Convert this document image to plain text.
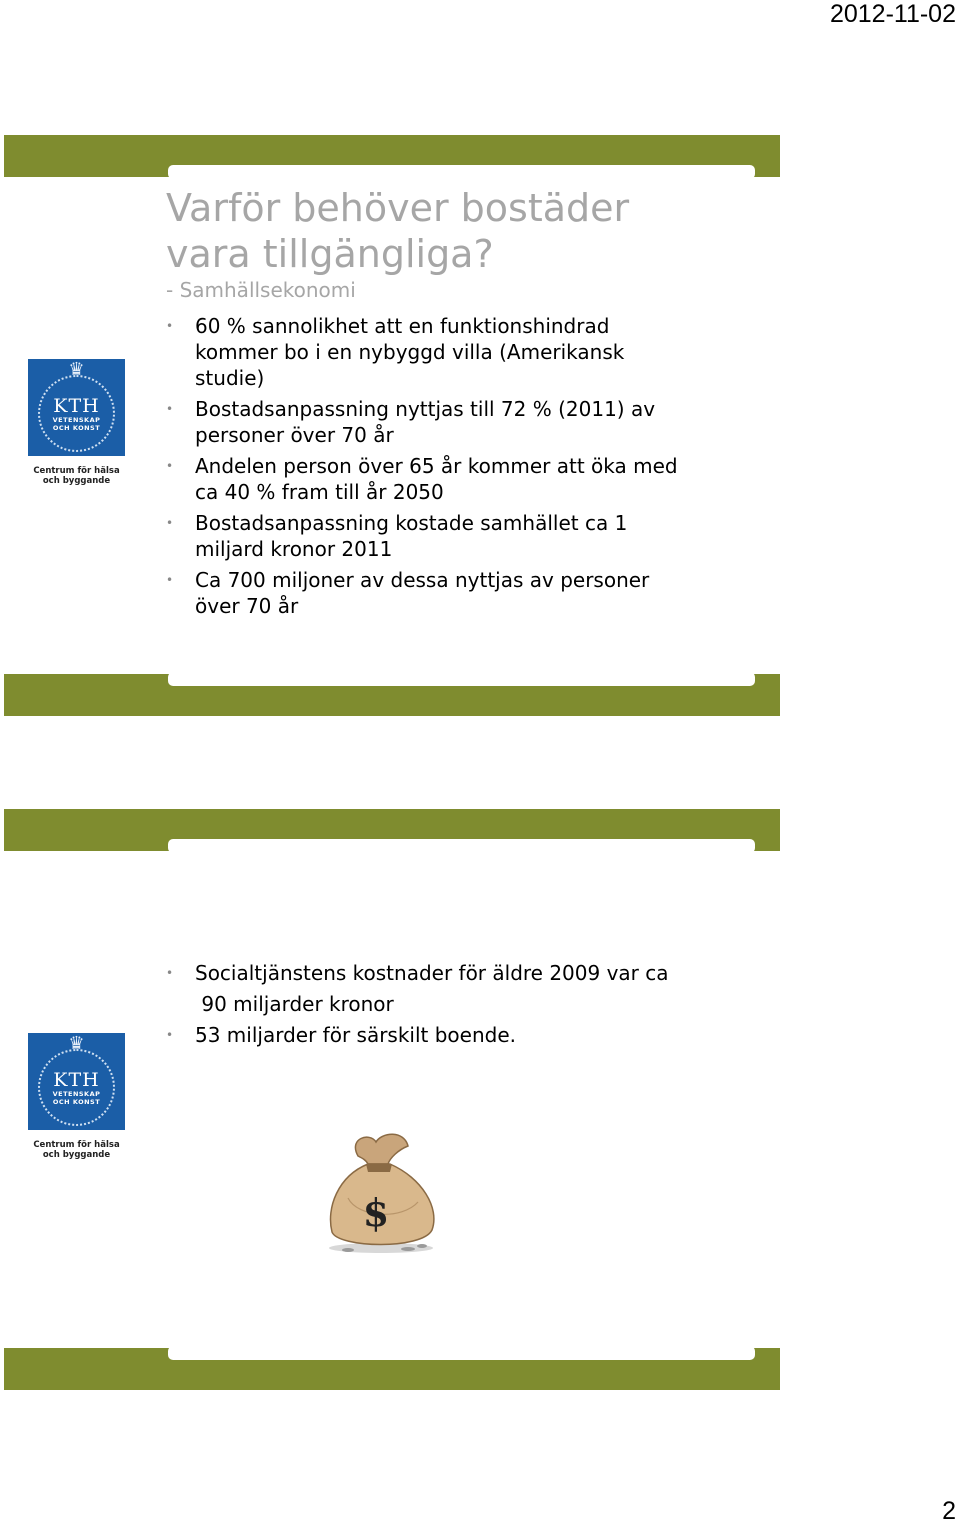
2012-11-02
♛
KTH
VETENSKAP
OCH KONST
Centrum för hälsa
och byggande
Varför behöver bostäder
vara tillgängliga?
- Samhällsekonomi
• 60 % sannolikhet att en funktionshindrad
kommer bo i en nybyggd villa (Amerikansk
studie)
• Bostadsanpassning nyttjas till 72 % (2011) av
personer över 70 år
• Andelen person över 65 år kommer att öka med
ca 40 % fram till år 2050
• Bostadsanpassning kostade samhället ca 1
miljard kronor 2011
• Ca 700 miljoner av dessa nyttjas av personer
över 70 år
♛
KTH
VETENSKAP
OCH KONST
Centrum för hälsa
och byggande
• Socialtjänstens kostnader för äldre 2009 var ca
90 miljarder kronor
• 53 miljarder för särskilt boende.
$
2
